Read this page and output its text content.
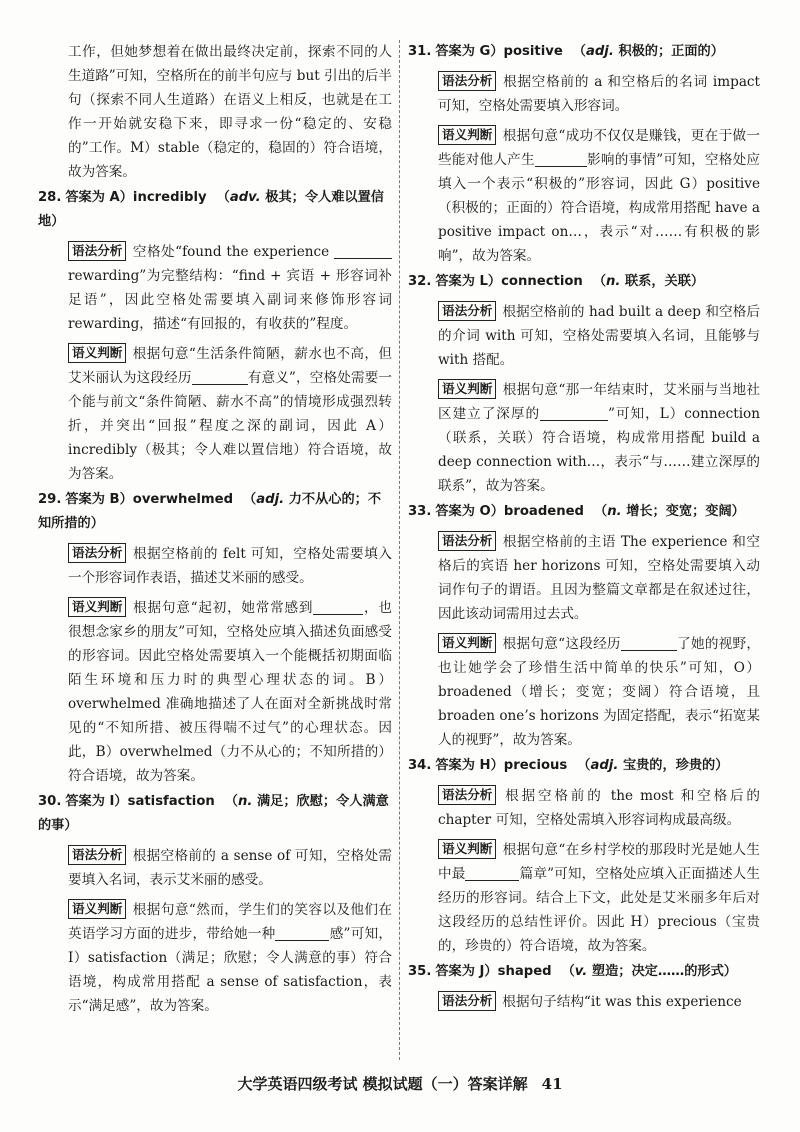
工作，但她梦想着在做出最终决定前，探索不同的人生道路”可知，空格所在的前半句应与 but 引出的后半句（探索不同人生道路）在语义上相反，也就是在工作一开始就安稳下来，即寻求一份“稳定的、安稳的”工作。M）stable（稳定的，稳固的）符合语境，故为答案。

28. 答案为 A）incredibly （adv. 极其；令人难以置信地）
语法分析 空格处“found the experience  rewarding”为完整结构：“find + 宾语 + 形容词补足语”，因此空格处需要填入副词来修饰形容词 rewarding，描述“有回报的，有收获的”程度。
语义判断 根据句意“生活条件简陋，薪水也不高，但艾米丽认为这段经历	有意义”，空格处需要一个能与前文“条件简陋、薪水不高”的情境形成强烈转折，并突出“回报”程度之深的副词，因此 A）incredibly（极其；令人难以置信地）符合语境，故为答案。
29. 答案为 B）overwhelmed （adj. 力不从心的；不知所措的）
语法分析 根据空格前的 felt 可知，空格处需要填入一个形容词作表语，描述艾米丽的感受。
语义判断 根据句意“起初，她常常感到	，也很想念家乡的朋友”可知，空格处应填入描述负面感受的形容词。因此空格处需要填入一个能概括初期面临陌生环境和压力时的典型心理状态的词。B）overwhelmed 准确地描述了人在面对全新挑战时常见的“不知所措、被压得喘不过气”的心理状态。因此，B）overwhelmed（力不从心的；不知所措的）符合语境，故为答案。
30. 答案为 I）satisfaction （n. 满足；欣慰；令人满意的事）
语法分析 根据空格前的 a sense of 可知，空格处需要填入名词，表示艾米丽的感受。
语义判断 根据句意“然而，学生们的笑容以及他们在英语学习方面的进步，带给她一种	感”可知，I）satisfaction（满足；欣慰；令人满意的事）符合语境，构成常用搭配 a sense of satisfaction，表示“满足感”，故为答案。
31. 答案为 G）positive （adj. 积极的；正面的）
语法分析 根据空格前的 a 和空格后的名词 impact 可知，空格处需要填入形容词。
语义判断 根据句意“成功不仅仅是赚钱，更在于做一些能对他人产生	影响的事情”可知，空格处应填入一个表示“积极的”形容词，因此 G）positive（积极的；正面的）符合语境，构成常用搭配 have a positive impact on…，表示“对……有积极的影响”，故为答案。
32. 答案为 L）connection （n. 联系，关联）
语法分析 根据空格前的 had built a deep 和空格后的介词 with 可知，空格处需要填入名词，且能够与 with 搭配。
语义判断 根据句意“那一年结束时，艾米丽与当地社区建立了深厚的	”可知，L）connection（联系，关联）符合语境，构成常用搭配 build a deep connection with…，表示“与……建立深厚的联系”，故为答案。
33. 答案为 O）broadened （n. 增长；变宽；变阔）
语法分析 根据空格前的主语 The experience 和空格后的宾语 her horizons 可知，空格处需要填入动词作句子的谓语。且因为整篇文章都是在叙述过往，因此该动词需用过去式。
语义判断 根据句意“这段经历	了她的视野，也让她学会了珍惜生活中简单的快乐”可知，O）broadened（增长；变宽；变阔）符合语境，且 broaden one’s horizons 为固定搭配，表示“拓宽某人的视野”，故为答案。
34. 答案为 H）precious （adj. 宝贵的，珍贵的）
语法分析 根据空格前的 the most 和空格后的 chapter 可知，空格处需填入形容词构成最高级。
语义判断 根据句意“在乡村学校的那段时光是她人生中最	篇章”可知，空格处应填入正面描述人生经历的形容词。结合上下文，此处是艾米丽多年后对这段经历的总结性评价。因此 H）precious（宝贵的，珍贵的）符合语境，故为答案。
35. 答案为 J）shaped （v. 塑造；决定……的形式）
语法分析 根据句子结构“it was this experience
大学英语四级考试 模拟试题（一）答案详解 41
